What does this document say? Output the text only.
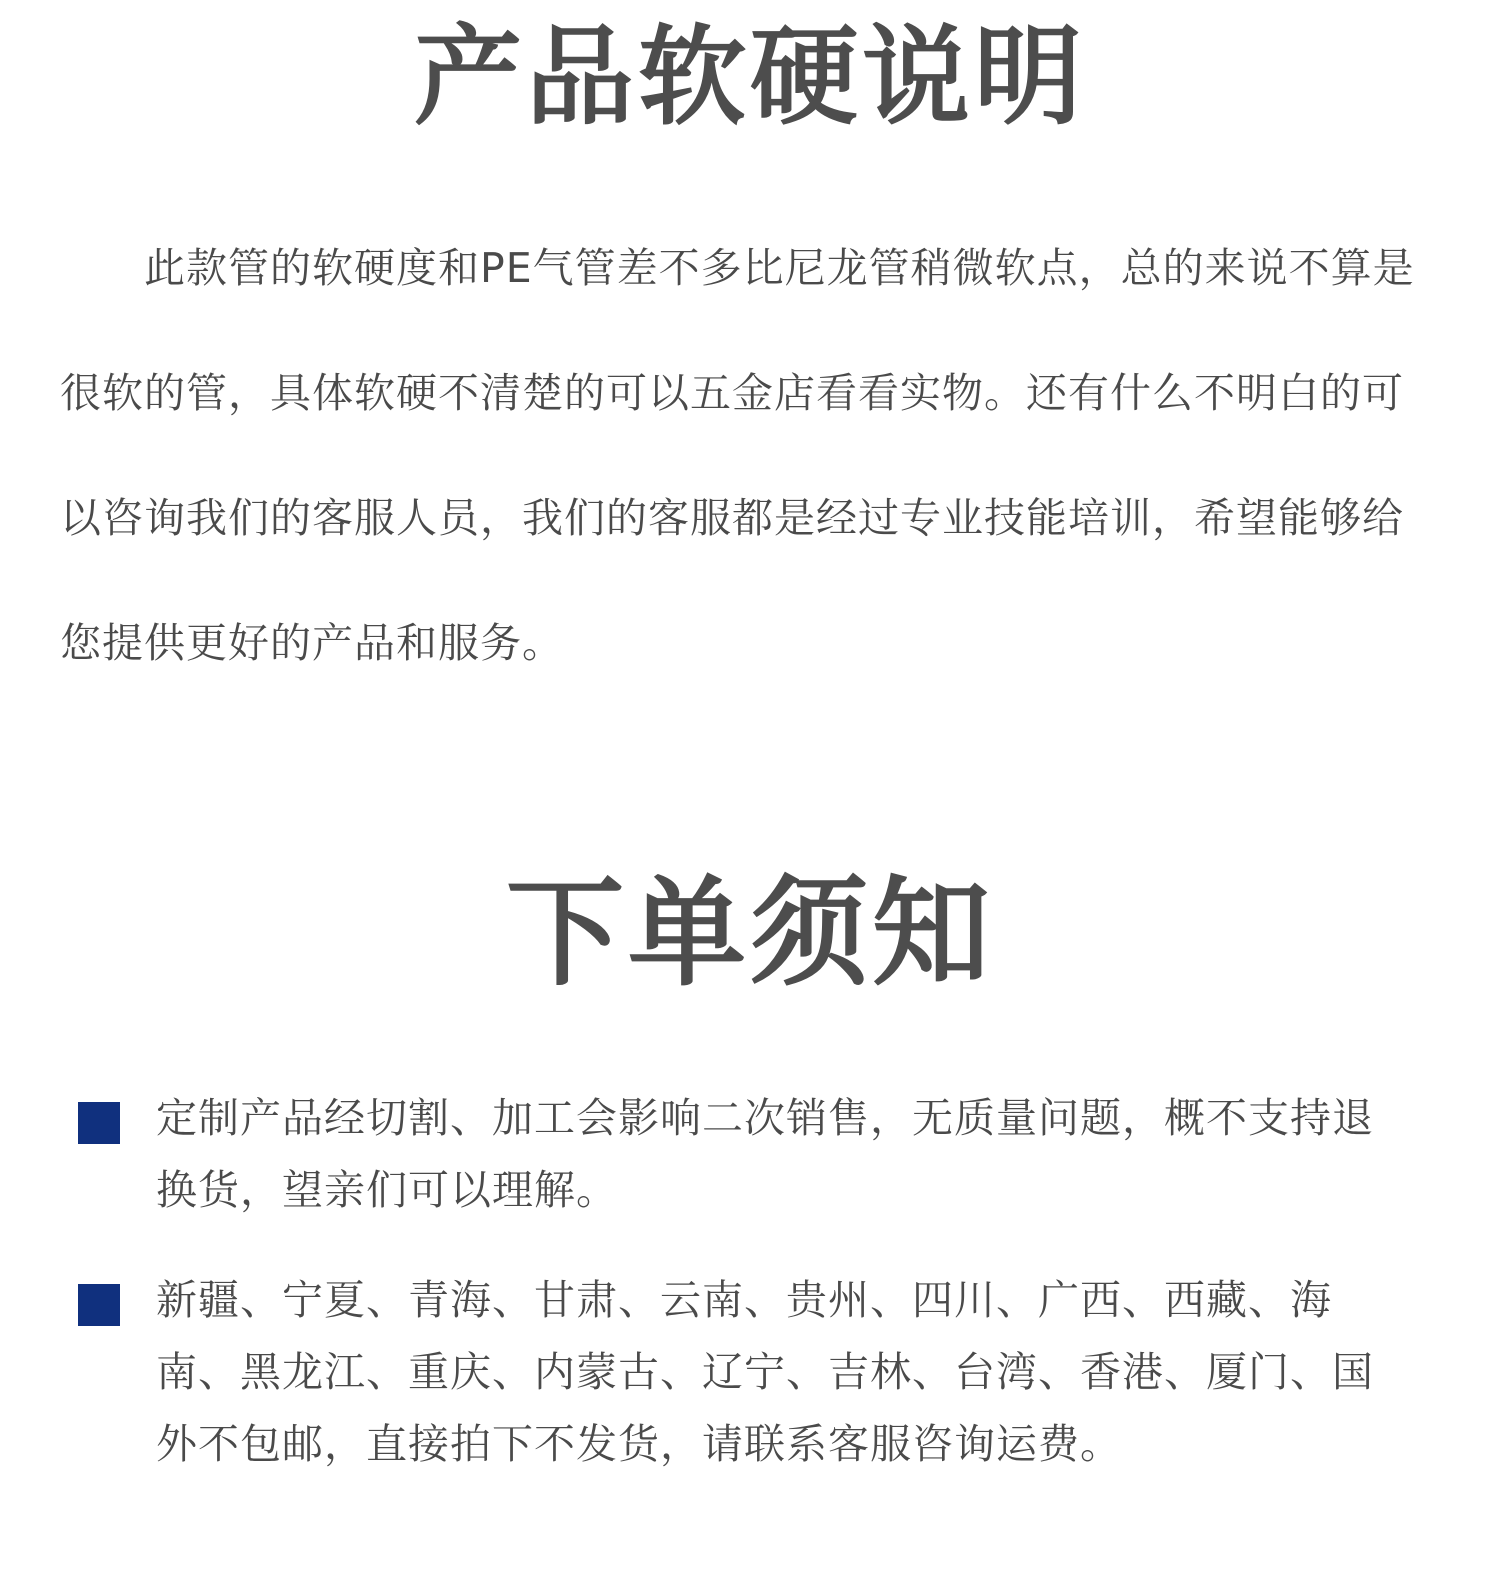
产品软硬说明

此款管的软硬度和PE气管差不多比尼龙管稍微软点，总的来说不算是很软的管，具体软硬不清楚的可以五金店看看实物。还有什么不明白的可以咨询我们的客服人员，我们的客服都是经过专业技能培训，希望能够给您提供更好的产品和服务。

下单须知

定制产品经切割、加工会影响二次销售，无质量问题，概不支持退换货，望亲们可以理解。

新疆、宁夏、青海、甘肃、云南、贵州、四川、广西、西藏、海南、黑龙江、重庆、内蒙古、辽宁、吉林、台湾、香港、厦门、国外不包邮，直接拍下不发货，请联系客服咨询运费。
